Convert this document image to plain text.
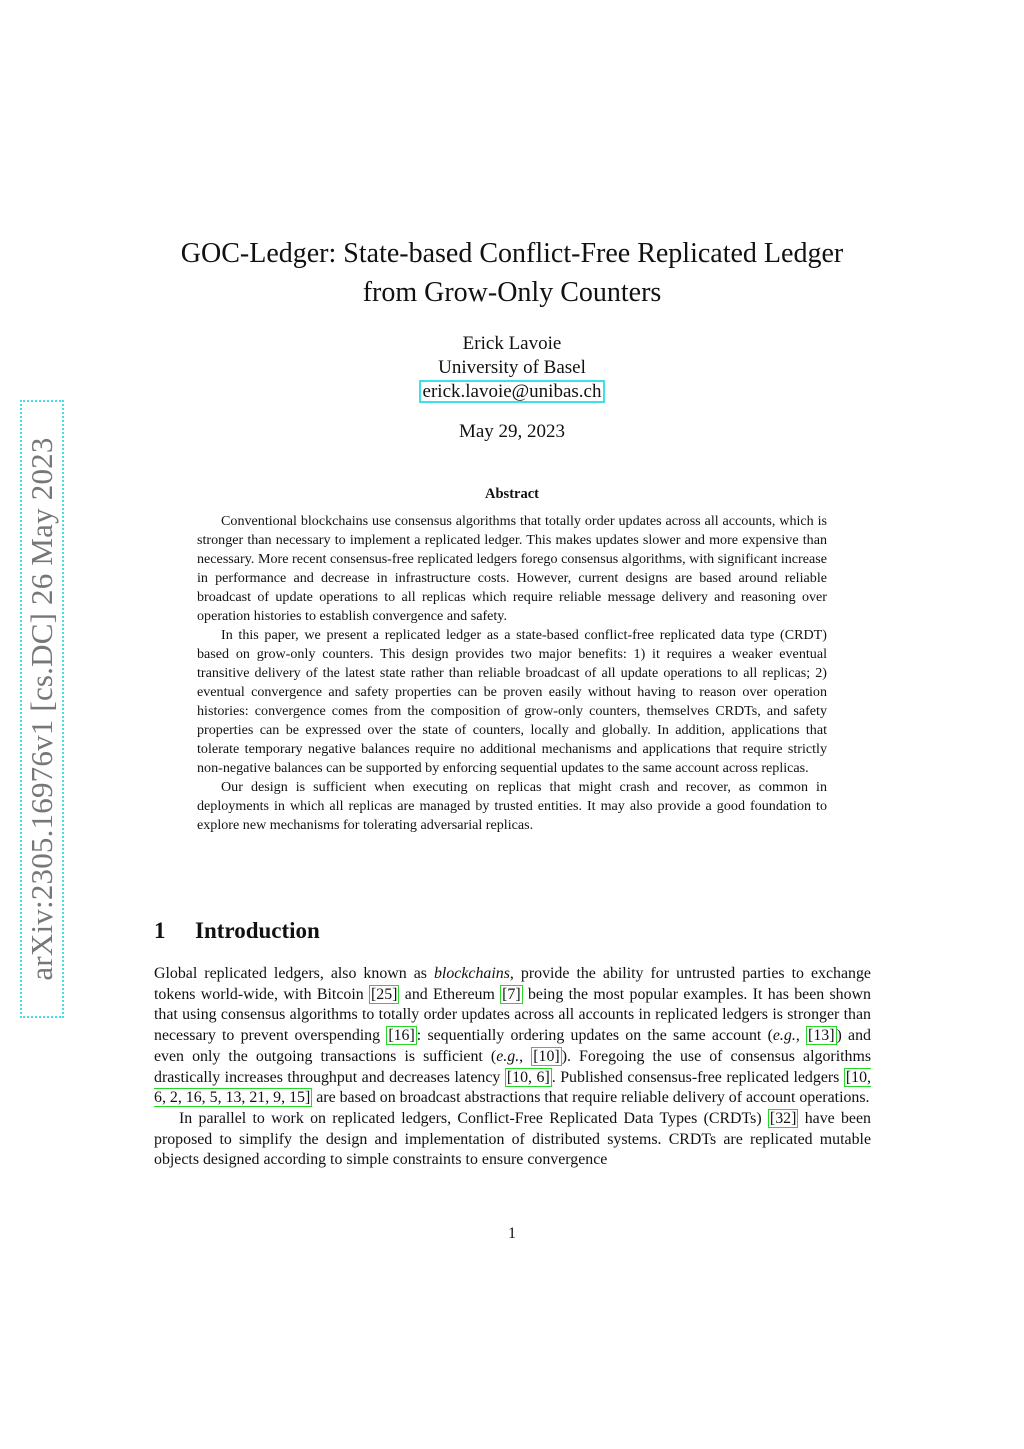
arXiv:2305.16976v1 [cs.DC] 26 May 2023
GOC-Ledger: State-based Conflict-Free Replicated Ledger
from Grow-Only Counters
Erick Lavoie
University of Basel
erick.lavoie@unibas.ch
May 29, 2023
Abstract

Conventional blockchains use consensus algorithms that totally order updates across all accounts, which is stronger than necessary to implement a replicated ledger. This makes updates slower and more expensive than necessary. More recent consensus-free replicated ledgers forego consensus algorithms, with significant increase in performance and decrease in infrastructure costs. However, current designs are based around reliable broadcast of update operations to all replicas which require reliable message delivery and reasoning over operation histories to establish convergence and safety.

In this paper, we present a replicated ledger as a state-based conflict-free replicated data type (CRDT) based on grow-only counters. This design provides two major benefits: 1) it requires a weaker eventual transitive delivery of the latest state rather than reliable broadcast of all update operations to all replicas; 2) eventual convergence and safety properties can be proven easily without having to reason over operation histories: convergence comes from the composition of grow-only counters, themselves CRDTs, and safety properties can be expressed over the state of counters, locally and globally. In addition, applications that tolerate temporary negative balances require no additional mechanisms and applications that require strictly non-negative balances can be supported by enforcing sequential updates to the same account across replicas.

Our design is sufficient when executing on replicas that might crash and recover, as common in deployments in which all replicas are managed by trusted entities. It may also provide a good foundation to explore new mechanisms for tolerating adversarial replicas.

1 Introduction

Global replicated ledgers, also known as blockchains, provide the ability for untrusted parties to exchange tokens world-wide, with Bitcoin [25] and Ethereum [7] being the most popular examples. It has been shown that using consensus algorithms to totally order updates across all accounts in replicated ledgers is stronger than necessary to prevent overspending [16] : sequentially ordering updates on the same account (e.g., [13] ) and even only the outgoing transactions is sufficient (e.g., [10] ). Foregoing the use of consensus algorithms drastically increases throughput and decreases latency [10, 6] . Published consensus-free replicated ledgers [10, 6, 2, 16, 5, 13, 21, 9, 15] are based on broadcast abstractions that require reliable delivery of account operations.

In parallel to work on replicated ledgers, Conflict-Free Replicated Data Types (CRDTs) [32] have been proposed to simplify the design and implementation of distributed systems. CRDTs are replicated mutable objects designed according to simple constraints to ensure convergence

1
